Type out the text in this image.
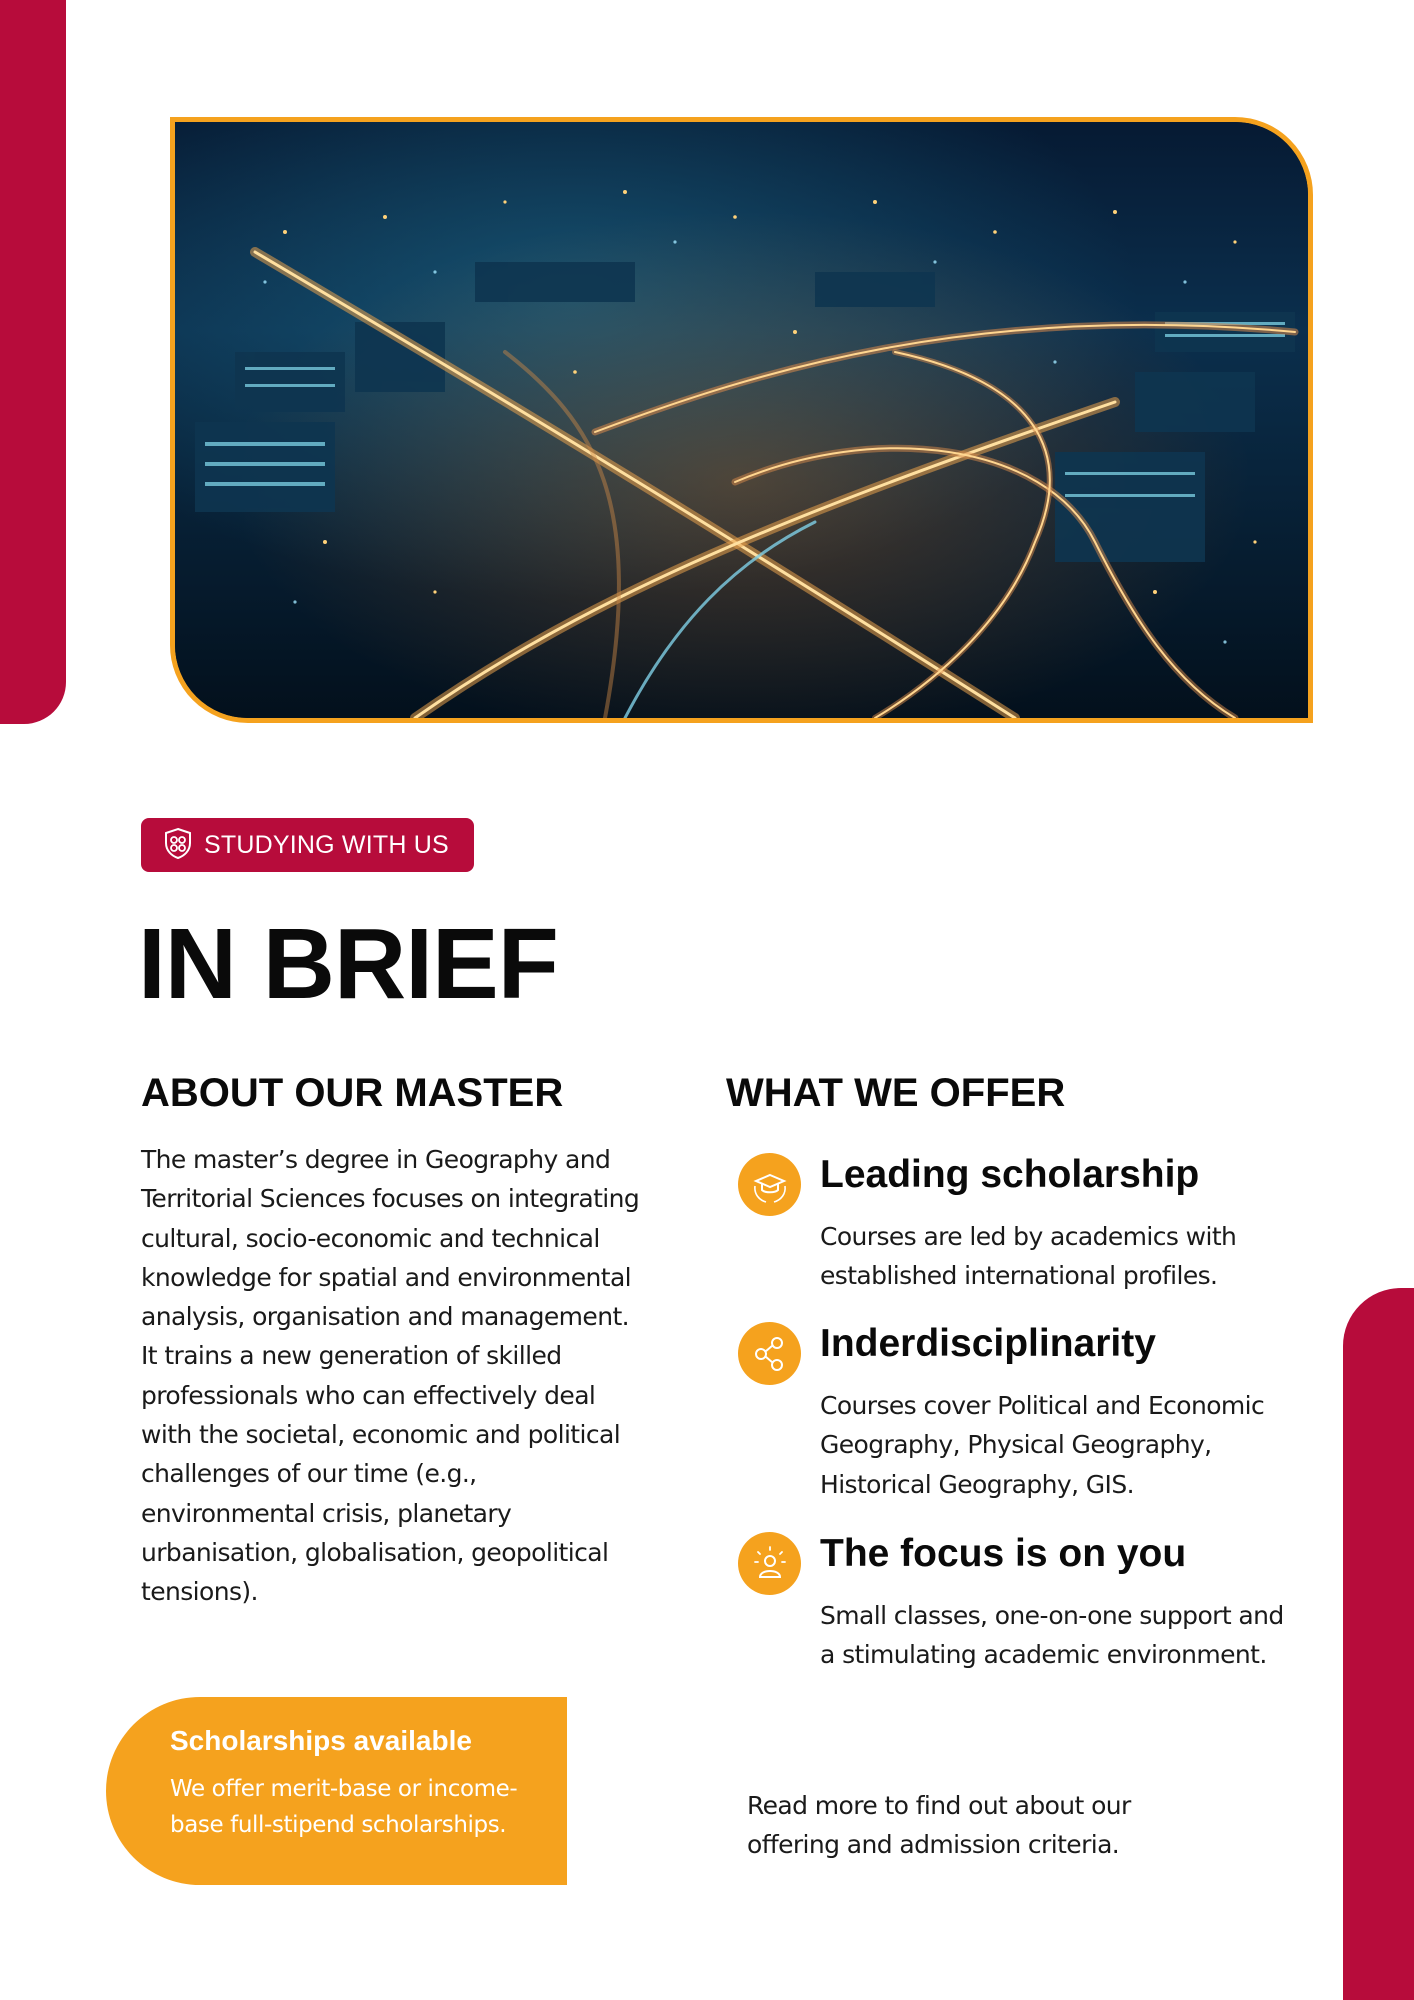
STUDYING WITH US
IN BRIEF
ABOUT OUR MASTER
The master’s degree in Geography and Territorial Sciences focuses on integrating cultural, socio-economic and technical knowledge for spatial and environmental analysis, organisation and management. It trains a new generation of skilled professionals who can effectively deal with the societal, economic and political challenges of our time (e.g., environmental crisis, planetary urbanisation, globalisation, geopolitical tensions).
WHAT WE OFFER
Leading scholarship
Courses are led by academics with established international profiles.
Inderdisciplinarity
Courses cover Political and Economic Geography, Physical Geography, Historical Geography, GIS.
The focus is on you
Small classes, one-on-one support and a stimulating academic environment.
Scholarships available
We offer merit-base or income-base full-stipend scholarships.
Read more to find out about our offering and admission criteria.
